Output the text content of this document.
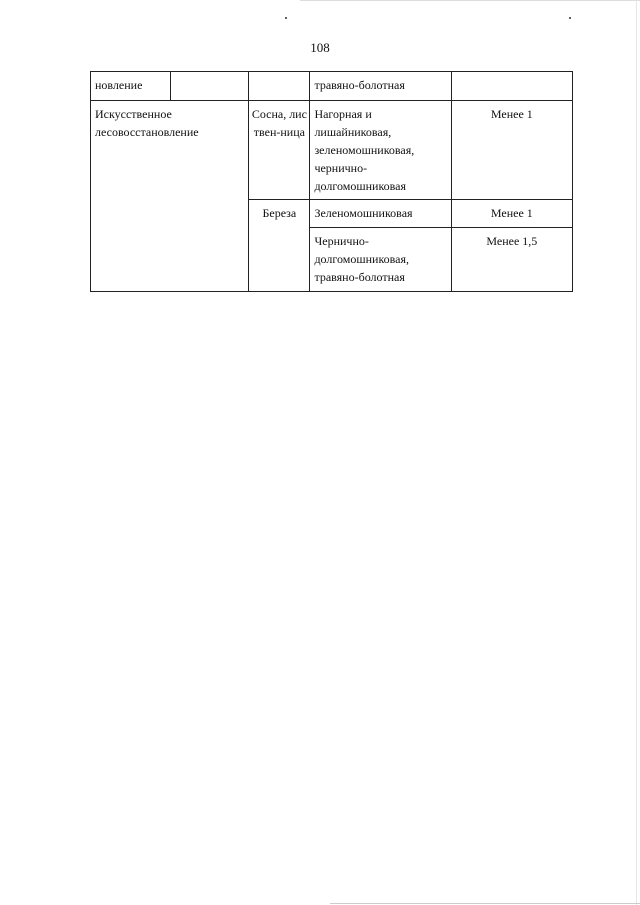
108
новление			травяно-болотная	
Искусственное лесовосстановление		Сосна, листвен-ница	Нагорная и лишайниковая, зеленомошниковая, чернично-долгомошниковая	Менее 1
		Береза	Зеленомошниковая	Менее 1
			Чернично-долгомошниковая, травяно-болотная	Менее 1,5
